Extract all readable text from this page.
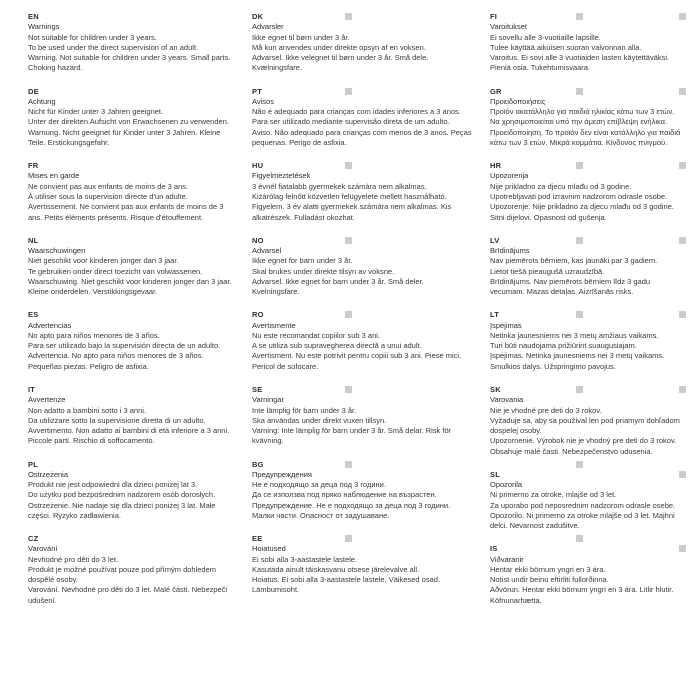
EN
Warnings

Not suitable for children under 3 years.

To be used under the direct supervision of an adult.

Warning. Not suitable for children under 3 years. Small parts. Choking hazard.

DE
Achtung

Nicht für Kinder unter 3 Jahren geeignet.

Unter der direkten Aufsicht von Erwachsenen zu verwenden.

Warnung. Nicht geeignet für Kinder unter 3 Jahren. Kleine Teile. Erstickungsgefahr.

FR
Mises en garde

Ne convient pas aux enfants de moins de 3 ans.

À utiliser sous la supervision directe d'un adulte.

Avertissement. Ne convient pas aux enfants de moins de 3 ans. Petits éléments présents. Risque d'étouffement.

NL
Waarschuwingen

Niet geschikt voor kinderen jonger dan 3 jaar.

Te gebruiken onder direct toezicht van volwassenen.

Waarschuwing. Niet geschikt voor kinderen jonger dan 3 jaar. Kleine onderdelen. Verstikkingsgevaar.

ES
Advertencias

No apto para niños menores de 3 años.

Para ser utilizado bajo la supervisión directa de un adulto.

Advertencia. No apto para niños menores de 3 años. Pequeñas piezas. Peligro de asfixia.

IT
Avvertenze

Non adatto a bambini sotto i 3 anni.

Da utilizzare sotto la supervisione diretta di un adulto.

Avvertimento. Non adatto ai bambini di età inferiore a 3 anni. Piccole parti. Rischio di soffocamento.

PL
Ostrzeżenia

Produkt nie jest odpowiedni dla dzieci poniżej lat 3.

Do użytku pod bezpośrednim nadzorem osób dorosłych.

Ostrzeżenie. Nie nadaje się dla dzieci poniżej 3 lat. Małe części. Ryzyko zadławienia.

CZ
Varování

Nevhodné pro děti do 3 let.

Produkt je možné používat pouze pod přímým dohledem dospělé osoby.

Varování. Nevhodné pro děti do 3 let. Malé části. Nebezpečí udušení.

DK
Advarsler

Ikke egnet til børn under 3 år.

Må kun anvendes under direkte opsyn af en voksen.

Advarsel. Ikke velegnet til børn under 3 år. Små dele. Kvælningsfare.

PT
Avisos

Não é adequado para crianças com idades inferiores a 3 anos.

Para ser utilizado mediante supervisão direta de um adulto.

Aviso. Não adequado para crianças com menos de 3 anos. Peças pequenas. Perigo de asfixia.

HU
Figyelmeztetések

3 évnél fiatalabb gyermekek számára nem alkalmas.

Kizárólag felnőtt közvetlen felügyelete mellett használható.

Figyelem. 3 év alatti gyermekek számára nem alkalmas. Kis alkatrészek. Fulladást okozhat.

NO
Advarsel

Ikke egnet for barn under 3 år.

Skal brukes under direkte tilsyn av voksne.

Advarsel. Ikke egnet for barn under 3 år. Små deler. Kvelningsfare.

RO
Avertismente

Nu este recomandat copiilor sub 3 ani.

A se utiliza sub supravegherea directă a unui adult.

Avertisment. Nu este potrivit pentru copiii sub 3 ani. Piese mici. Pericol de sufocare.

SE
Varningar

Inte lämplig för barn under 3 år.

Ska användas under direkt vuxen tillsyn.

Varning: Inte lämplig för barn under 3 år. Små delar. Risk för kvävning.

BG
Предупреждения

Не е подходящо за деца под 3 години.

Да се използва под пряко наблюдение на възрастен.

Предупреждение. Не е подходящо за деца под 3 години. Малки части. Опасност от задушаване.

EE
Hoiatused

Ei sobi alla 3-aastastele lastele.

Kasutada ainult täiskasvanu otsese järelevalve all.

Hoiatus. Ei sobi alla 3-aastastele lastele. Väikesed osad. Lämbumisoht.

FI
Varoitukset

Ei sovellu alle 3-vuotiaille lapsille.

Tulee käyttää aikuisen suoran valvonnan alla.

Varoitus. Ei sovi alle 3 vuotiaiden lasten käytettäväksi. Pieniä osia. Tukehtumisvaara.

GR
Προειδοποιήσεις

Προϊόν ακατάλληλο για παιδιά ηλικίας κάτω των 3 ετών.

Να χρησιμοποιείται υπό την άμεση επίβλεψη ενήλικα.

Προειδοποίηση. Το προϊόν δεν είναι κατάλληλο για παιδιά κάτω των 3 ετών. Μικρά κομμάτια. Κίνδυνος πνιγμού.

HR
Upozorenja

Nije prikladno za djecu mlađu od 3 godine.

Upotrebljavati pod izravnim nadzorom odrasle osobe.

Upozorenje: Nije prikladno za djecu mlađu od 3 godine. Sitni dijelovi. Opasnost od gušenja.

LV
Brīdinājums

Nav piemērots bērniem, kas jaunāki par 3 gadiem.

Lietot tiešā pieaugušā uzraudzībā.

Brīdinājums. Nav piemērots bērniem līdz 3 gadu vecumam. Mazas detaļas. Aizrīšanās risks.

LT
Įspėjimas

Netinka jaunesniems nei 3 metų amžiaus vaikams.

Turi būti naudojama prižiūrint suaugusiajam.

Įspėjimas. Netinka jaunesniems nei 3 metų vaikams. Smulkios dalys. Užspringimo pavojus.

SK
Varovania

Nie je vhodné pre deti do 3 rokov.

Vyžaduje sa, aby sa používal len pod priamym dohľadom dospelej osoby.

Upozornenie. Výrobok nie je vhodný pre deti do 3 rokov. Obsahuje malé časti. Nebezpečenstvo udusenia.

SL
Opozorila

Ni primerno za otroke, mlajše od 3 let.

Za uporabo pod neposrednim nadzorom odrasle osebe.

Opozorilo. Ni primerno za otroke mlajše od 3 let. Majhni delci. Nevarnost zadušitve.

IS
Viðvaranir

Hentar ekki börnum yngri en 3 ára.

Notist undir beinu eftirliti fullorðinna.

Aðvörun. Hentar ekki börnum yngri en 3 ára. Litlir hlutir. Köfnunarhætta.
